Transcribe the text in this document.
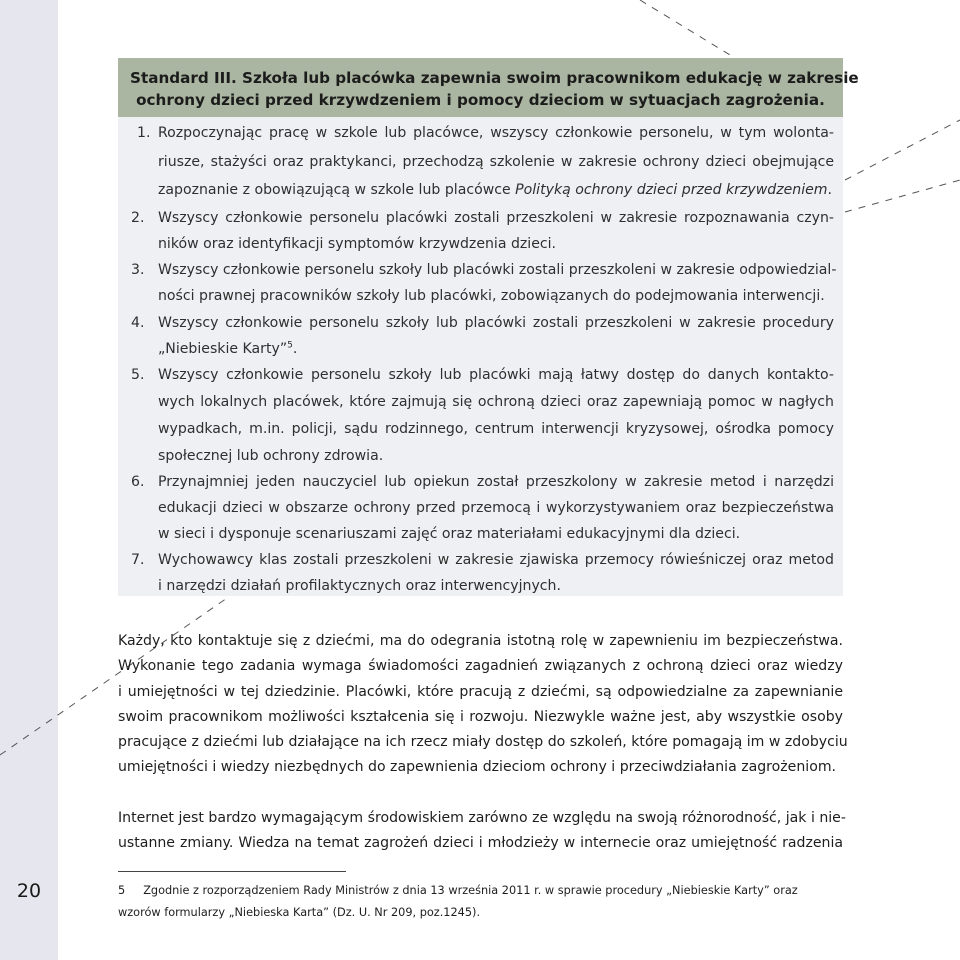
20
Standard III. Szkoła lub placówka zapewnia swoim pracownikom edukację w zakresie
ochrony dzieci przed krzywdzeniem i pomocy dzieciom w sytuacjach zagrożenia.
1. Rozpoczynając pracę w szkole lub placówce, wszyscy członkowie personelu, w tym wolonta-
riusze, stażyści oraz praktykanci, przechodzą szkolenie w zakresie ochrony dzieci obejmujące
zapoznanie z obowiązującą w szkole lub placówce Polityką ochrony dzieci przed krzywdzeniem.
2. Wszyscy członkowie personelu placówki zostali przeszkoleni w zakresie rozpoznawania czyn-
ników oraz identyfikacji symptomów krzywdzenia dzieci.
3. Wszyscy członkowie personelu szkoły lub placówki zostali przeszkoleni w zakresie odpowiedzial-
ności prawnej pracowników szkoły lub placówki, zobowiązanych do podejmowania interwencji.
4. Wszyscy członkowie personelu szkoły lub placówki zostali przeszkoleni w zakresie procedury
„Niebieskie Karty”$^5$.
5. Wszyscy członkowie personelu szkoły lub placówki mają łatwy dostęp do danych kontakto-
wych lokalnych placówek, które zajmują się ochroną dzieci oraz zapewniają pomoc w nagłych
wypadkach, m.in. policji, sądu rodzinnego, centrum interwencji kryzysowej, ośrodka pomocy
społecznej lub ochrony zdrowia.
6. Przynajmniej jeden nauczyciel lub opiekun został przeszkolony w zakresie metod i narzędzi
edukacji dzieci w obszarze ochrony przed przemocą i wykorzystywaniem oraz bezpieczeństwa
w sieci i dysponuje scenariuszami zajęć oraz materiałami edukacyjnymi dla dzieci.
7. Wychowawcy klas zostali przeszkoleni w zakresie zjawiska przemocy rówieśniczej oraz metod
i narzędzi działań profilaktycznych oraz interwencyjnych.
Każdy, kto kontaktuje się z dziećmi, ma do odegrania istotną rolę w zapewnieniu im bezpieczeństwa.
Wykonanie tego zadania wymaga świadomości zagadnień związanych z ochroną dzieci oraz wiedzy
i umiejętności w tej dziedzinie. Placówki, które pracują z dziećmi, są odpowiedzialne za zapewnianie
swoim pracownikom możliwości kształcenia się i rozwoju. Niezwykle ważne jest, aby wszystkie osoby
pracujące z dziećmi lub działające na ich rzecz miały dostęp do szkoleń, które pomagają im w zdobyciu
umiejętności i wiedzy niezbędnych do zapewnienia dzieciom ochrony i przeciwdziałania zagrożeniom.
Internet jest bardzo wymagającym środowiskiem zarówno ze względu na swoją różnorodność, jak i nie-
ustanne zmiany. Wiedza na temat zagrożeń dzieci i młodzieży w internecie oraz umiejętność radzenia
5 Zgodnie z rozporządzeniem Rady Ministrów z dnia 13 września 2011 r. w sprawie procedury „Niebieskie Karty” oraz
wzorów formularzy „Niebieska Karta” (Dz. U. Nr 209, poz.1245).
